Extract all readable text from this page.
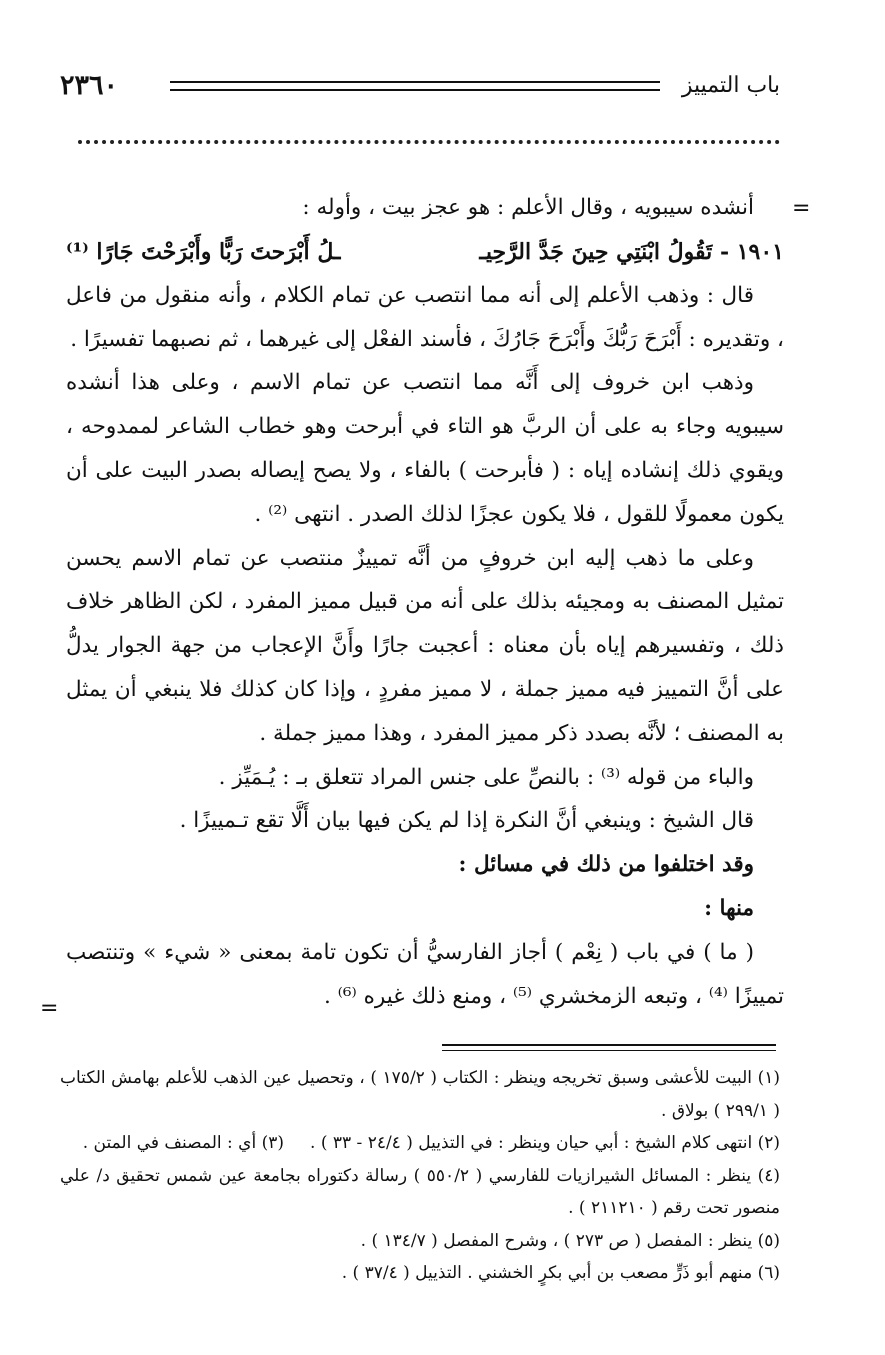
٢٣٦٠	باب التمييز
=
=

أنشده سيبويه ، وقال الأعلم : هو عجز بيت ، وأوله :

١٩٠١ - تَقُولُ ابْنَتِي حِينَ جَدَّ الرَّحِيـ
ـلُ أَبْرَحتَ رَبًّا وأَبْرَحْتَ جَارًا ⁽¹⁾

قال : وذهب الأعلم إلى أنه مما انتصب عن تمام الكلام ، وأنه منقول من فاعل ، وتقديره : أَبْرَحَ رَبُّكَ وأَبْرَحَ جَارُكَ ، فأسند الفعْل إلى غيرهما ، ثم نصبهما تفسيرًا .

وذهب ابن خروف إلى أَنَّه مما انتصب عن تمام الاسم ، وعلى هذا أنشده سيبويه وجاء به على أن الربَّ هو التاء في أبرحت وهو خطاب الشاعر لممدوحه ، ويقوي ذلك إنشاده إياه : ( فأبرحت ) بالفاء ، ولا يصح إيصاله بصدر البيت على أن يكون معمولًا للقول ، فلا يكون عجزًا لذلك الصدر . انتهى ⁽²⁾ .

وعلى ما ذهب إليه ابن خروفٍ من أنَّه تمييزٌ منتصب عن تمام الاسم يحسن تمثيل المصنف به ومجيئه بذلك على أنه من قبيل مميز المفرد ، لكن الظاهر خلاف ذلك ، وتفسيرهم إياه بأن معناه : أعجبت جارًا وأَنَّ الإعجاب من جهة الجوار يدلُّ على أنَّ التمييز فيه مميز جملة ، لا مميز مفردٍ ، وإذا كان كذلك فلا ينبغي أن يمثل به المصنف ؛ لأنَّه بصدد ذكر مميز المفرد ، وهذا مميز جملة .

والباء من قوله ⁽³⁾ : بالنصِّ على جنس المراد تتعلق بـ : يُـمَيِّز .

قال الشيخ : وينبغي أنَّ النكرة إذا لم يكن فيها بيان أَلَّا تقع تـمييزًا .

وقد اختلفوا من ذلك في مسائل :

منها :

( ما ) في باب ( نِعْم ) أجاز الفارسيُّ أن تكون تامة بمعنى « شيء » وتنتصب تمييزًا ⁽⁴⁾ ، وتبعه الزمخشري ⁽⁵⁾ ، ومنع ذلك غيره ⁽⁶⁾ .

(١) البيت للأعشى وسبق تخريجه وينظر : الكتاب ( ١٧٥/٢ ) ، وتحصيل عين الذهب للأعلم بهامش الكتاب ( ٢٩٩/١ ) بولاق .

(٢) انتهى كلام الشيخ : أبي حيان وينظر : في التذييل ( ٢٤/٤ - ٣٣ ) .

(٣) أي : المصنف في المتن .

(٤) ينظر : المسائل الشيرازيات للفارسي ( ٥٥٠/٢ ) رسالة دكتوراه بجامعة عين شمس تحقيق د/ علي منصور تحت رقم ( ٢١١٢١٠ ) .

(٥) ينظر : المفصل ( ص ٢٧٣ ) ، وشرح المفصل ( ١٣٤/٧ ) .

(٦) منهم أبو ذَرٍّ مصعب بن أبي بكرٍ الخشني . التذييل ( ٣٧/٤ ) .
